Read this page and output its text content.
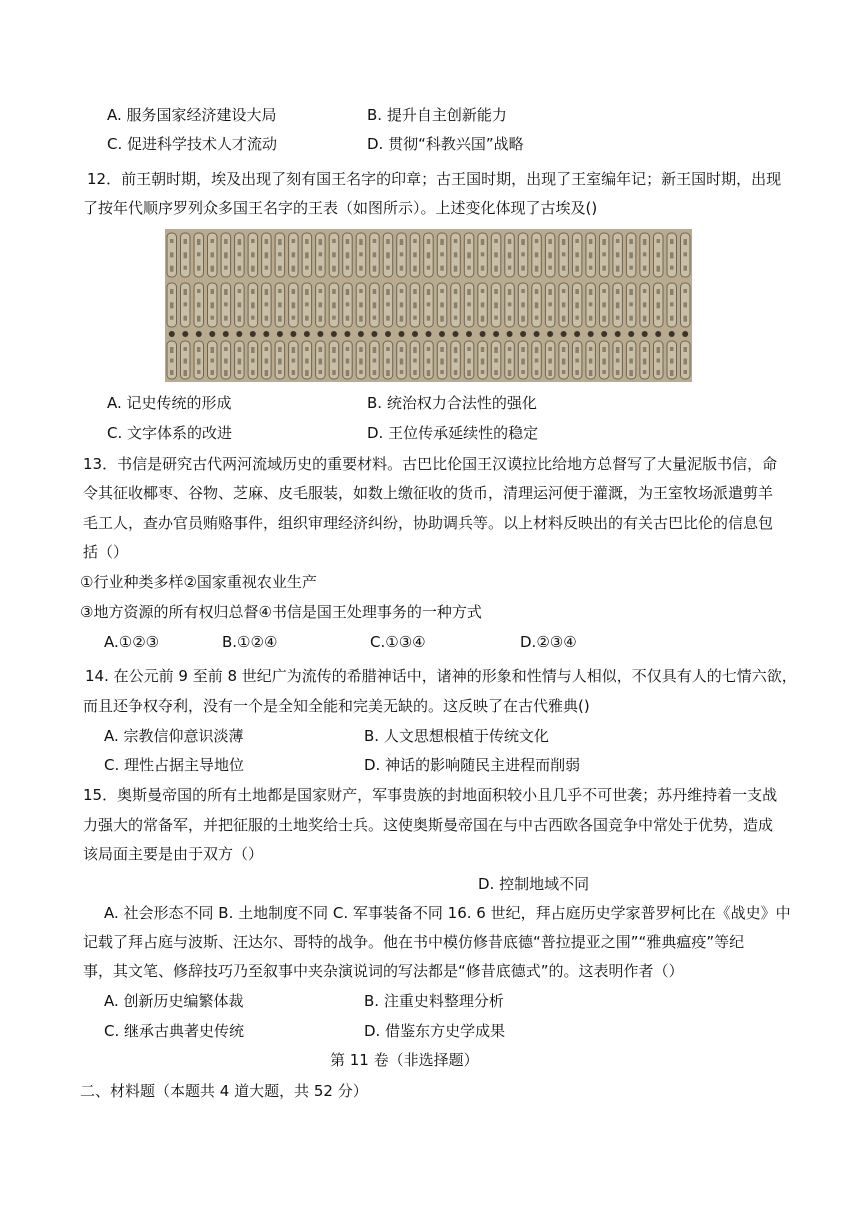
A. 服务国家经济建设大局	B. 提升自主创新能力
C. 促进科学技术人才流动	D. 贯彻“科教兴国”战略
12．前王朝时期，埃及出现了刻有国王名字的印章；古王国时期，出现了王室编年记；新王国时期，出现
了按年代顺序罗列众多国王名字的王表（如图所示）。上述变化体现了古埃及()
A. 记史传统的形成	B. 统治权力合法性的强化
C. 文字体系的改进	D. 王位传承延续性的稳定
13．书信是研究古代两河流域历史的重要材料。古巴比伦国王汉谟拉比给地方总督写了大量泥版书信，命
令其征收椰枣、谷物、芝麻、皮毛服装，如数上缴征收的货币，清理运河便于灌溉，为王室牧场派遣剪羊
毛工人，查办官员贿赂事件，组织审理经济纠纷，协助调兵等。以上材料反映出的有关古巴比伦的信息包
括（）
①行业种类多样②国家重视农业生产
③地方资源的所有权归总督④书信是国王处理事务的一种方式
A.①②③	B.①②④	C.①③④	D.②③④
14. 在公元前 9 至前 8 世纪广为流传的希腊神话中，诸神的形象和性情与人相似，不仅具有人的七情六欲，
而且还争权夺利，没有一个是全知全能和完美无缺的。这反映了在古代雅典()
A. 宗教信仰意识淡薄	B. 人文思想根植于传统文化
C. 理性占据主导地位	D. 神话的影响随民主进程而削弱
15．奥斯曼帝国的所有土地都是国家财产，军事贵族的封地面积较小且几乎不可世袭；苏丹维持着一支战
力强大的常备军，并把征服的土地奖给士兵。这使奥斯曼帝国在与中古西欧各国竞争中常处于优势，造成
该局面主要是由于双方（）
D. 控制地域不同
A. 社会形态不同 B. 土地制度不同 C. 军事装备不同 16. 6 世纪，拜占庭历史学家普罗柯比在《战史》中
记载了拜占庭与波斯、汪达尔、哥特的战争。他在书中模仿修昔底德“普拉提亚之围”“雅典瘟疫”等纪
事，其文笔、修辞技巧乃至叙事中夹杂演说词的写法都是“修昔底德式”的。这表明作者（）
A. 创新历史编繁体裁	B. 注重史料整理分析
C. 继承古典著史传统	D. 借鉴东方史学成果
第 11 卷（非选择题）
二、材料题（本题共 4 道大题，共 52 分）
